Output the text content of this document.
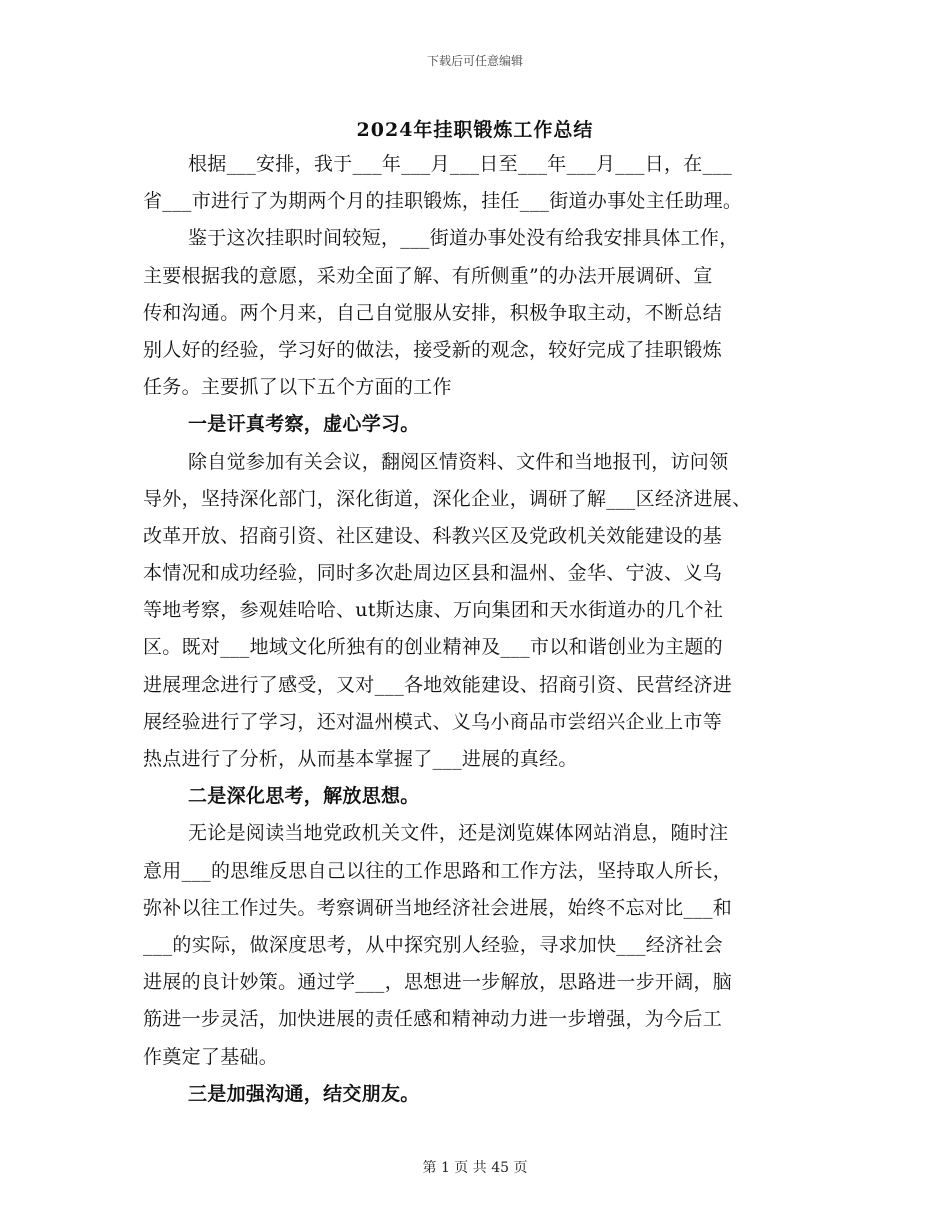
下载后可任意编辑
2024年挂职锻炼工作总结
根据___安排，我于___年___月___日至___年___月___日，在___
省___市进行了为期两个月的挂职锻炼，挂任___街道办事处主任助理。
鉴于这次挂职时间较短，___街道办事处没有给我安排具体工作，
主要根据我的意愿，采劝全面了解、有所侧重”的办法开展调研、宣
传和沟通。两个月来，自己自觉服从安排，积极争取主动，不断总结
别人好的经验，学习好的做法，接受新的观念，较好完成了挂职锻炼
任务。主要抓了以下五个方面的工作
一是讦真考察，虚心学习。
除自觉参加有关会议，翻阅区情资料、文件和当地报刊，访问领
导外，坚持深化部门，深化街道，深化企业，调研了解___区经济进展、
改革开放、招商引资、社区建设、科教兴区及党政机关效能建设的基
本情况和成功经验，同时多次赴周边区县和温州、金华、宁波、义乌
等地考察，参观娃哈哈、ut斯达康、万向集团和天水街道办的几个社
区。既对___地域文化所独有的创业精神及___市以和谐创业为主题的
进展理念进行了感受，又对___各地效能建设、招商引资、民营经济进
展经验进行了学习，还对温州模式、义乌小商品市尝绍兴企业上市等
热点进行了分析，从而基本掌握了___进展的真经。
二是深化思考，解放思想。
无论是阅读当地党政机关文件，还是浏览媒体网站消息，随时注
意用___的思维反思自己以往的工作思路和工作方法，坚持取人所长，
弥补以往工作过失。考察调研当地经济社会进展，始终不忘对比___和
___的实际，做深度思考，从中探究别人经验，寻求加快___经济社会
进展的良计妙策。通过学___，思想进一步解放，思路进一步开阔，脑
筋进一步灵活，加快进展的责任感和精神动力进一步增强，为今后工
作奠定了基础。
三是加强沟通，结交朋友。
第 1 页 共 45 页
